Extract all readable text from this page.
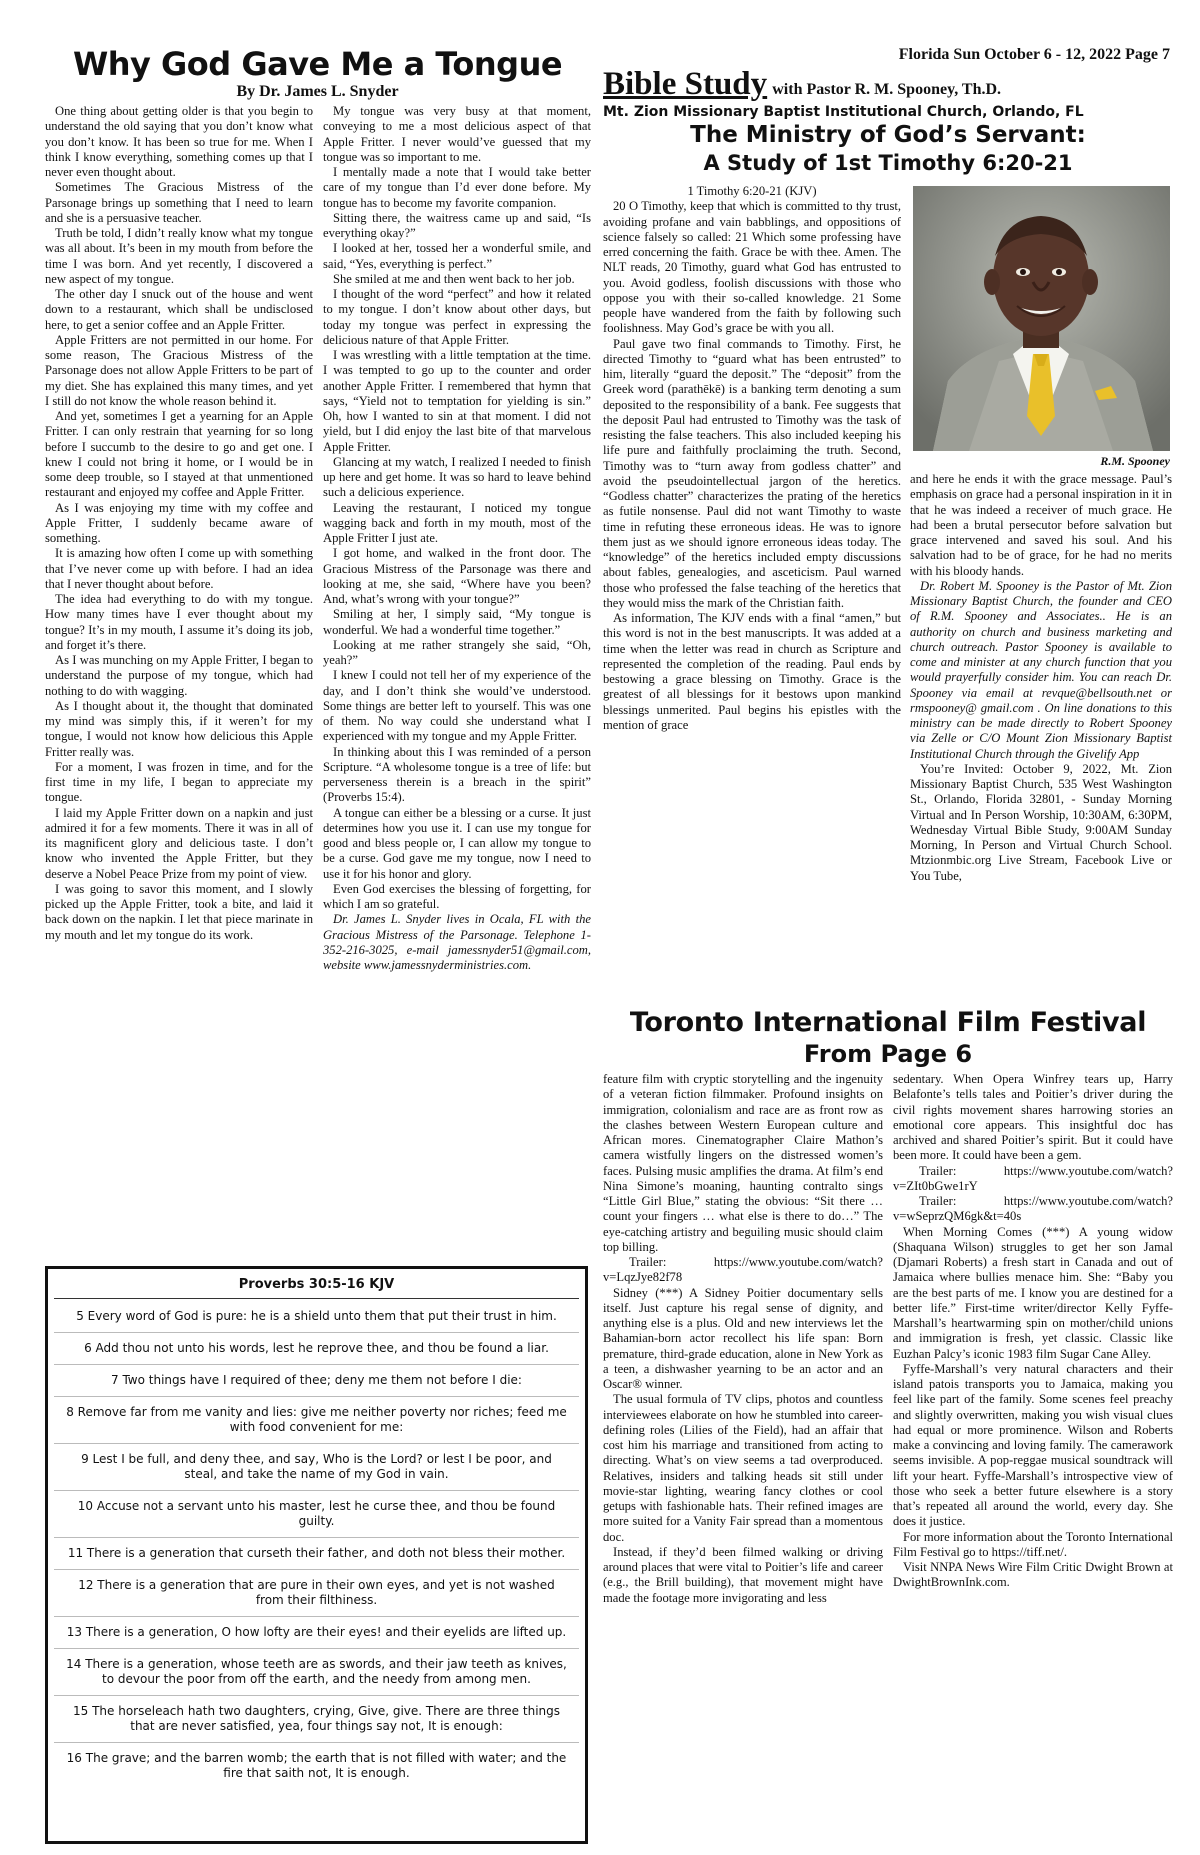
Florida Sun October 6 - 12, 2022 Page 7
Why God Gave Me a Tongue
By Dr. James L. Snyder

One thing about getting older is that you begin to understand the old saying that you don’t know what you don’t know. It has been so true for me. When I think I know everything, something comes up that I never even thought about.

Sometimes The Gracious Mistress of the Parsonage brings up something that I need to learn and she is a persuasive teacher.

Truth be told, I didn’t really know what my tongue was all about. It’s been in my mouth from before the time I was born. And yet recently, I discovered a new aspect of my tongue.

The other day I snuck out of the house and went down to a restaurant, which shall be undisclosed here, to get a senior coffee and an Apple Fritter.

Apple Fritters are not permitted in our home. For some reason, The Gracious Mistress of the Parsonage does not allow Apple Fritters to be part of my diet. She has explained this many times, and yet I still do not know the whole reason behind it.

And yet, sometimes I get a yearning for an Apple Fritter. I can only restrain that yearning for so long before I succumb to the desire to go and get one. I knew I could not bring it home, or I would be in some deep trouble, so I stayed at that unmentioned restaurant and enjoyed my coffee and Apple Fritter.

As I was enjoying my time with my coffee and Apple Fritter, I suddenly became aware of something.

It is amazing how often I come up with something that I’ve never come up with before. I had an idea that I never thought about before.

The idea had everything to do with my tongue. How many times have I ever thought about my tongue? It’s in my mouth, I assume it’s doing its job, and forget it’s there.

As I was munching on my Apple Fritter, I began to understand the purpose of my tongue, which had nothing to do with wagging.

As I thought about it, the thought that dominated my mind was simply this, if it weren’t for my tongue, I would not know how delicious this Apple Fritter really was.

For a moment, I was frozen in time, and for the first time in my life, I began to appreciate my tongue.

I laid my Apple Fritter down on a napkin and just admired it for a few moments. There it was in all of its magnificent glory and delicious taste. I don’t know who invented the Apple Fritter, but they deserve a Nobel Peace Prize from my point of view.

I was going to savor this moment, and I slowly picked up the Apple Fritter, took a bite, and laid it back down on the napkin. I let that piece marinate in my mouth and let my tongue do its work.

My tongue was very busy at that moment, conveying to me a most delicious aspect of that Apple Fritter. I never would’ve guessed that my tongue was so important to me.

I mentally made a note that I would take better care of my tongue than I’d ever done before. My tongue has to become my favorite companion.

Sitting there, the waitress came up and said, “Is everything okay?”

I looked at her, tossed her a wonderful smile, and said, “Yes, everything is perfect.”

She smiled at me and then went back to her job.

I thought of the word “perfect” and how it related to my tongue. I don’t know about other days, but today my tongue was perfect in expressing the delicious nature of that Apple Fritter.

I was wrestling with a little temptation at the time. I was tempted to go up to the counter and order another Apple Fritter. I remembered that hymn that says, “Yield not to temptation for yielding is sin.” Oh, how I wanted to sin at that moment. I did not yield, but I did enjoy the last bite of that marvelous Apple Fritter.

Glancing at my watch, I realized I needed to finish up here and get home. It was so hard to leave behind such a delicious experience.

Leaving the restaurant, I noticed my tongue wagging back and forth in my mouth, most of the Apple Fritter I just ate.

I got home, and walked in the front door. The Gracious Mistress of the Parsonage was there and looking at me, she said, “Where have you been? And, what’s wrong with your tongue?”

Smiling at her, I simply said, “My tongue is wonderful. We had a wonderful time together.”

Looking at me rather strangely she said, “Oh, yeah?”

I knew I could not tell her of my experience of the day, and I don’t think she would’ve understood. Some things are better left to yourself. This was one of them. No way could she understand what I experienced with my tongue and my Apple Fritter.

In thinking about this I was reminded of a person Scripture. “A wholesome tongue is a tree of life: but perverseness therein is a breach in the spirit” (Proverbs 15:4).

A tongue can either be a blessing or a curse. It just determines how you use it. I can use my tongue for good and bless people or, I can allow my tongue to be a curse. God gave me my tongue, now I need to use it for his honor and glory.

Even God exercises the blessing of forgetting, for which I am so grateful.

Dr. James L. Snyder lives in Ocala, FL with the Gracious Mistress of the Parsonage. Telephone 1-352-216-3025, e-mail jamessnyder51@gmail.com, website www.jamessnyderministries.com.

Proverbs 30:5-16 KJV
5 Every word of God is pure: he is a shield unto them that put their trust in him.
6 Add thou not unto his words, lest he reprove thee, and thou be found a liar.
7 Two things have I required of thee; deny me them not before I die:
8 Remove far from me vanity and lies: give me neither poverty nor riches; feed me with food convenient for me:
9 Lest I be full, and deny thee, and say, Who is the Lord? or lest I be poor, and steal, and take the name of my God in vain.
10 Accuse not a servant unto his master, lest he curse thee, and thou be found guilty.
11 There is a generation that curseth their father, and doth not bless their mother.
12 There is a generation that are pure in their own eyes, and yet is not washed from their filthiness.
13 There is a generation, O how lofty are their eyes! and their eyelids are lifted up.
14 There is a generation, whose teeth are as swords, and their jaw teeth as knives, to devour the poor from off the earth, and the needy from among men.
15 The horseleach hath two daughters, crying, Give, give. There are three things that are never satisfied, yea, four things say not, It is enough:
16 The grave; and the barren womb; the earth that is not filled with water; and the fire that saith not, It is enough.
Bible Study with Pastor R. M. Spooney, Th.D.
Mt. Zion Missionary Baptist Institutional Church, Orlando, FL
The Ministry of God’s Servant:
A Study of 1st Timothy 6:20-21
1 Timothy 6:20-21 (KJV)

20 O Timothy, keep that which is committed to thy trust, avoiding profane and vain babblings, and oppositions of science falsely so called: 21 Which some professing have erred concerning the faith. Grace be with thee. Amen. The NLT reads, 20 Timothy, guard what God has entrusted to you. Avoid godless, foolish discussions with those who oppose you with their so-called knowledge. 21 Some people have wandered from the faith by following such foolishness. May God’s grace be with you all.

Paul gave two final commands to Timothy. First, he directed Timothy to “guard what has been entrusted” to him, literally “guard the deposit.” The “deposit” from the Greek word (parathēkē) is a banking term denoting a sum deposited to the responsibility of a bank. Fee suggests that the deposit Paul had entrusted to Timothy was the task of resisting the false teachers. This also included keeping his life pure and faithfully proclaiming the truth. Second, Timothy was to “turn away from godless chatter” and avoid the pseudointellectual jargon of the heretics. “Godless chatter” characterizes the prating of the heretics as futile nonsense. Paul did not want Timothy to waste time in refuting these erroneous ideas. He was to ignore them just as we should ignore erroneous ideas today. The “knowledge” of the heretics included empty discussions about fables, genealogies, and asceticism. Paul warned those who professed the false teaching of the heretics that they would miss the mark of the Christian faith.

As information, The KJV ends with a final “amen,” but this word is not in the best manuscripts. It was added at a time when the letter was read in church as Scripture and represented the completion of the reading. Paul ends by bestowing a grace blessing on Timothy. Grace is the greatest of all blessings for it bestows upon mankind blessings unmerited. Paul begins his epistles with the mention of grace

R.M. Spooney

and here he ends it with the grace message. Paul’s emphasis on grace had a personal inspiration in it in that he was indeed a receiver of much grace. He had been a brutal persecutor before salvation but grace intervened and saved his soul. And his salvation had to be of grace, for he had no merits with his bloody hands.

Dr. Robert M. Spooney is the Pastor of Mt. Zion Missionary Baptist Church, the founder and CEO of R.M. Spooney and Associates.. He is an authority on church and business marketing and church outreach. Pastor Spooney is available to come and minister at any church function that you would prayerfully consider him. You can reach Dr. Spooney via email at revque@bellsouth.net or rmspooney@ gmail.com . On line donations to this ministry can be made directly to Robert Spooney via Zelle or C/O Mount Zion Missionary Baptist Institutional Church through the Givelify App

You’re Invited: October 9, 2022, Mt. Zion Missionary Baptist Church, 535 West Washington St., Orlando, Florida 32801, - Sunday Morning Virtual and In Person Worship, 10:30AM, 6:30PM, Wednesday Virtual Bible Study, 9:00AM Sunday Morning, In Person and Virtual Church School. Mtzionmbic.org Live Stream, Facebook Live or You Tube,

Toronto International Film Festival
From Page 6

feature film with cryptic storytelling and the ingenuity of a veteran fiction filmmaker. Profound insights on immigration, colonialism and race are as front row as the clashes between Western European culture and African mores. Cinematographer Claire Mathon’s camera wistfully lingers on the distressed women’s faces. Pulsing music amplifies the drama. At film’s end Nina Simone’s moaning, haunting contralto sings “Little Girl Blue,” stating the obvious: “Sit there … count your fingers … what else is there to do…” The eye-catching artistry and beguiling music should claim top billing.

Trailer: https://www.youtube.com/watch?v=LqzJye82f78

Sidney (***) A Sidney Poitier documentary sells itself. Just capture his regal sense of dignity, and anything else is a plus. Old and new interviews let the Bahamian-born actor recollect his life span: Born premature, third-grade education, alone in New York as a teen, a dishwasher yearning to be an actor and an Oscar® winner.

The usual formula of TV clips, photos and countless interviewees elaborate on how he stumbled into career-defining roles (Lilies of the Field), had an affair that cost him his marriage and transitioned from acting to directing. What’s on view seems a tad overproduced. Relatives, insiders and talking heads sit still under movie-star lighting, wearing fancy clothes or cool getups with fashionable hats. Their refined images are more suited for a Vanity Fair spread than a momentous doc.

Instead, if they’d been filmed walking or driving around places that were vital to Poitier’s life and career (e.g., the Brill building), that movement might have made the footage more invigorating and less

sedentary. When Opera Winfrey tears up, Harry Belafonte’s tells tales and Poitier’s driver during the civil rights movement shares harrowing stories an emotional core appears. This insightful doc has archived and shared Poitier’s spirit. But it could have been more. It could have been a gem.

Trailer: https://www.youtube.com/watch?v=ZIt0bGwe1rY

Trailer: https://www.youtube.com/watch?v=wSeprzQM6gk&t=40s

When Morning Comes (***) A young widow (Shaquana Wilson) struggles to get her son Jamal (Djamari Roberts) a fresh start in Canada and out of Jamaica where bullies menace him. She: “Baby you are the best parts of me. I know you are destined for a better life.” First-time writer/director Kelly Fyffe-Marshall’s heartwarming spin on mother/child unions and immigration is fresh, yet classic. Classic like Euzhan Palcy’s iconic 1983 film Sugar Cane Alley.

Fyffe-Marshall’s very natural characters and their island patois transports you to Jamaica, making you feel like part of the family. Some scenes feel preachy and slightly overwritten, making you wish visual clues had equal or more prominence. Wilson and Roberts make a convincing and loving family. The camerawork seems invisible. A pop-reggae musical soundtrack will lift your heart. Fyffe-Marshall’s introspective view of those who seek a better future elsewhere is a story that’s repeated all around the world, every day. She does it justice.

For more information about the Toronto International Film Festival go to https://tiff.net/.

Visit NNPA News Wire Film Critic Dwight Brown at DwightBrownInk.com.
